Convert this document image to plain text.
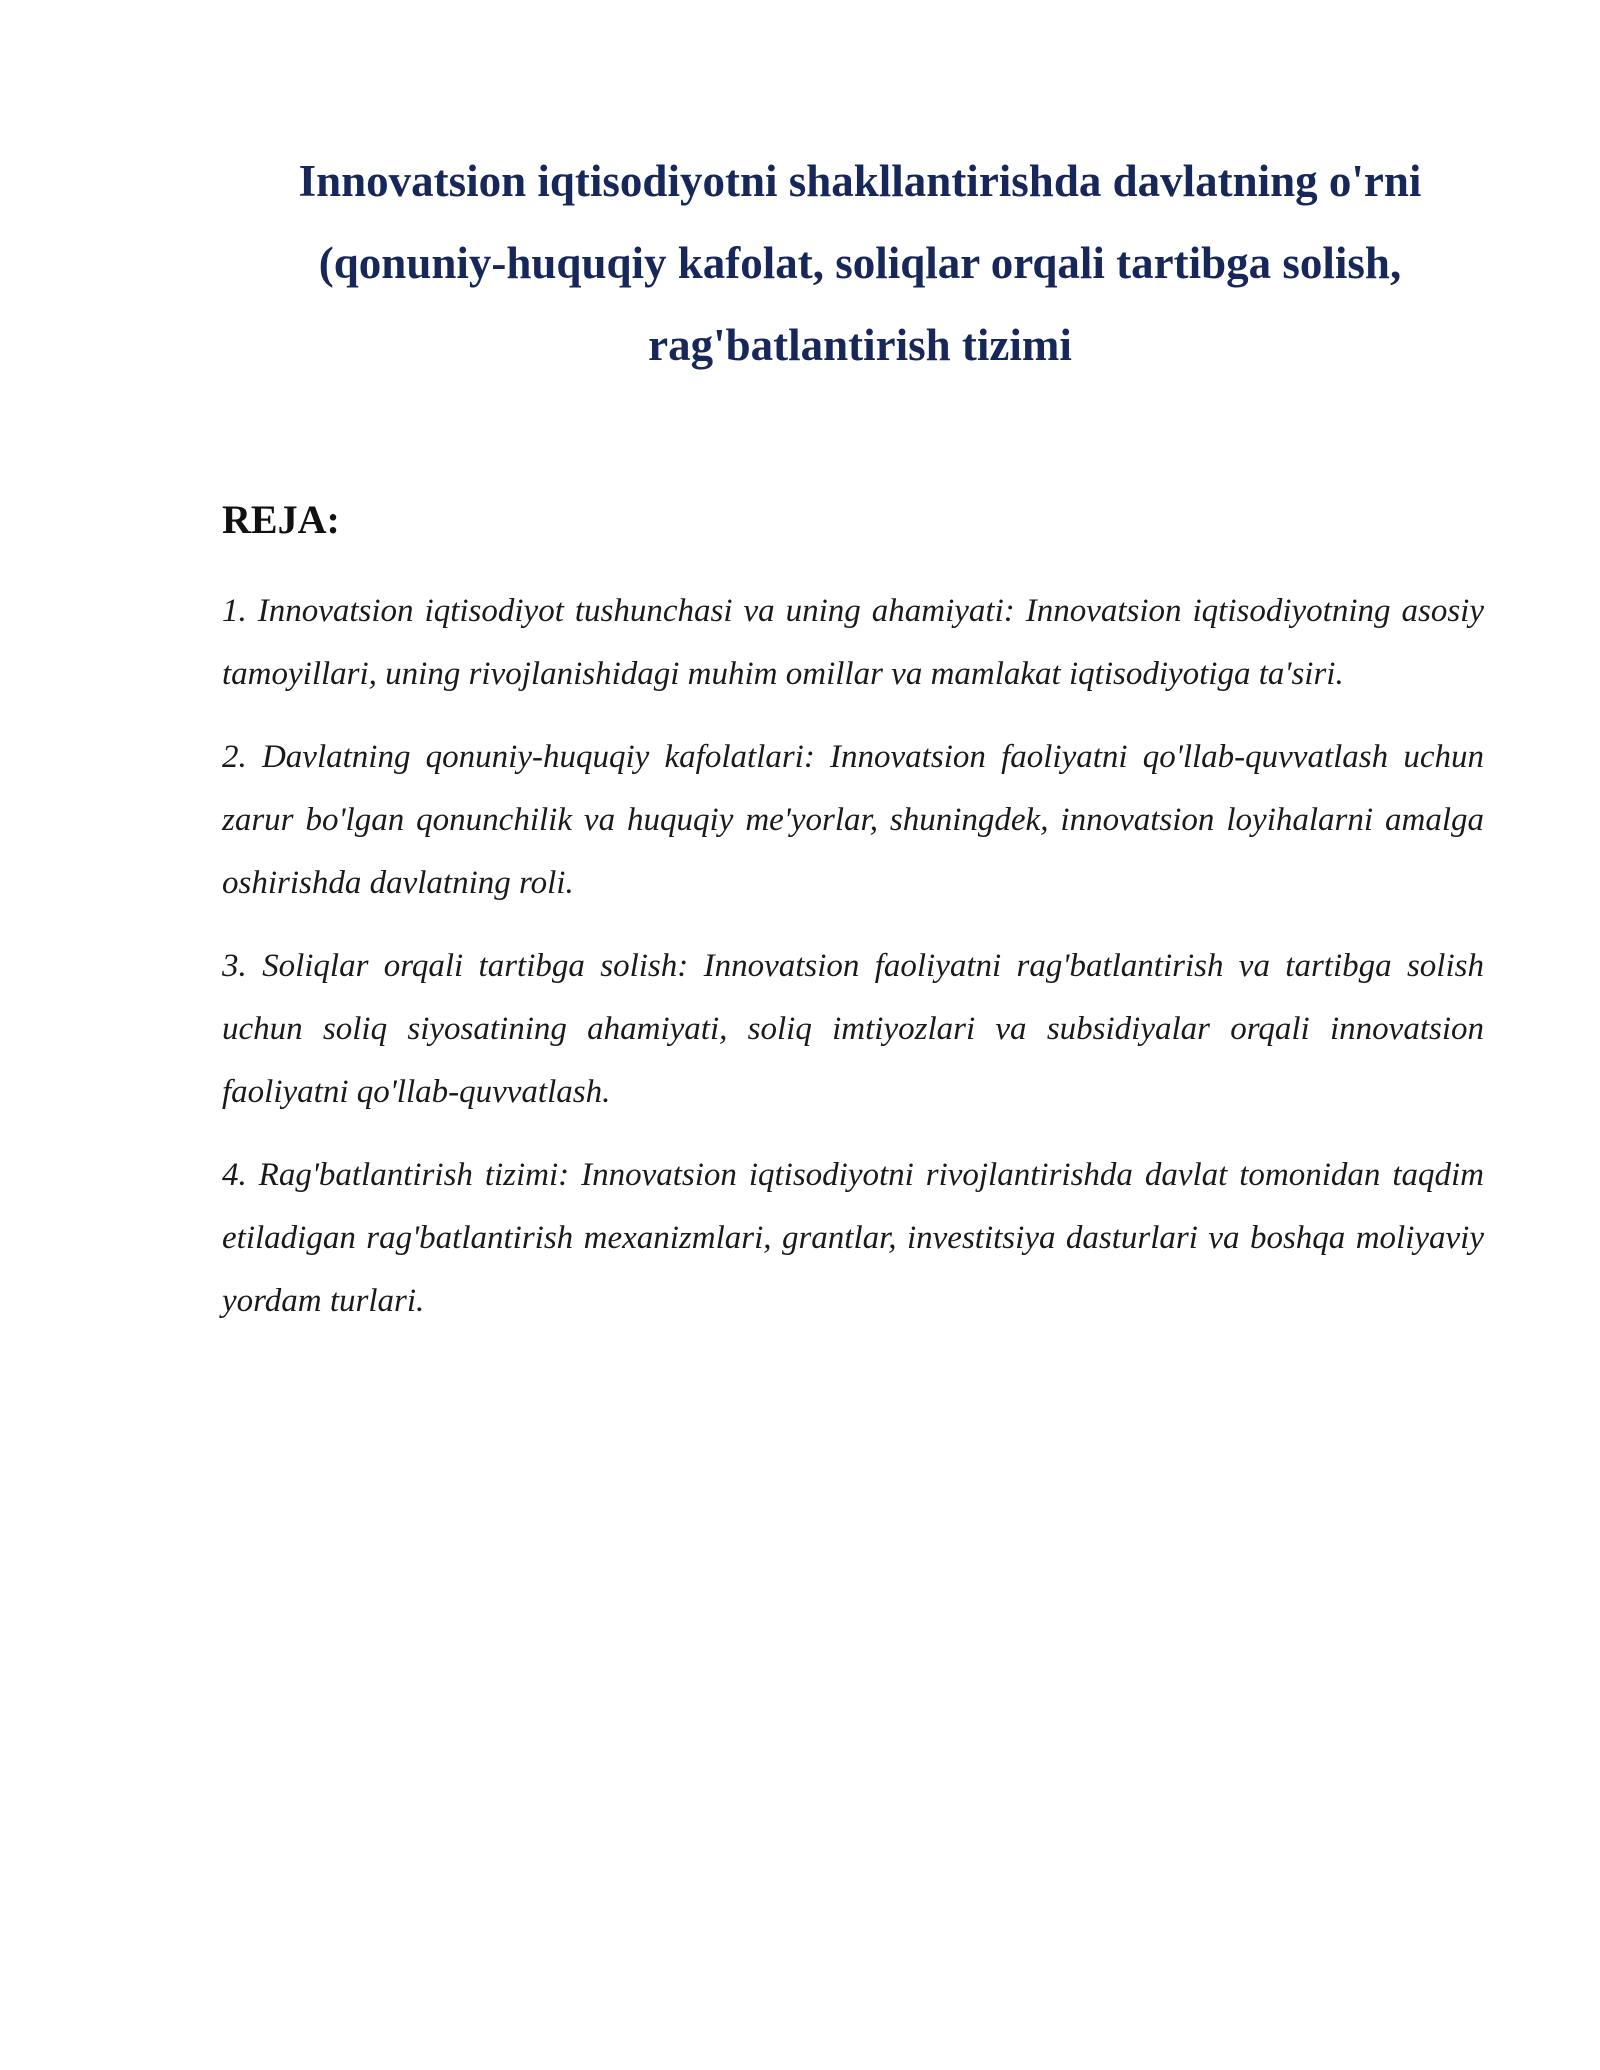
Innovatsion iqtisodiyotni shakllantirishda davlatning o'rni
(qonuniy-huquqiy kafolat, soliqlar orqali tartibga solish,
rag'batlantirish tizimi
REJA:
1. Innovatsion iqtisodiyot tushunchasi va uning ahamiyati: Innovatsion iqtisodiyotning asosiy tamoyillari, uning rivojlanishidagi muhim omillar va mamlakat iqtisodiyotiga ta'siri.
2. Davlatning qonuniy-huquqiy kafolatlari: Innovatsion faoliyatni qo'llab-quvvatlash uchun zarur bo'lgan qonunchilik va huquqiy me'yorlar, shuningdek, innovatsion loyihalarni amalga oshirishda davlatning roli.
3. Soliqlar orqali tartibga solish: Innovatsion faoliyatni rag'batlantirish va tartibga solish uchun soliq siyosatining ahamiyati, soliq imtiyozlari va subsidiyalar orqali innovatsion faoliyatni qo'llab-quvvatlash.
4. Rag'batlantirish tizimi: Innovatsion iqtisodiyotni rivojlantirishda davlat tomonidan taqdim etiladigan rag'batlantirish mexanizmlari, grantlar, investitsiya dasturlari va boshqa moliyaviy yordam turlari.
